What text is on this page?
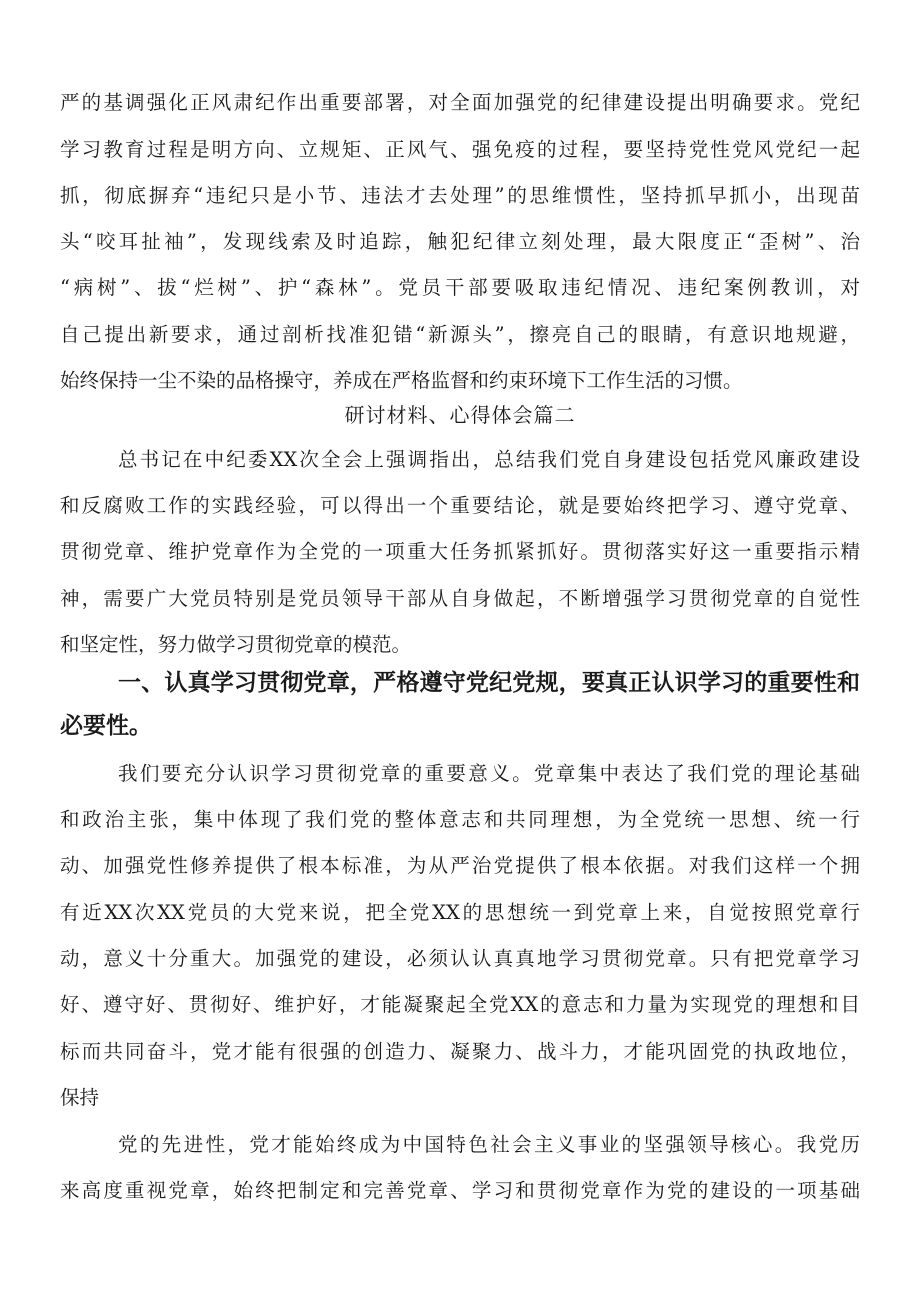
严的基调强化正风肃纪作出重要部署，对全面加强党的纪律建设提出明确要求。党纪
学习教育过程是明方向、立规矩、正风气、强免疫的过程，要坚持党性党风党纪一起
抓，彻底摒弃“违纪只是小节、违法才去处理”的思维惯性，坚持抓早抓小，出现苗
头“咬耳扯袖”，发现线索及时追踪，触犯纪律立刻处理，最大限度正“歪树”、治
“病树”、拔“烂树”、护“森林”。党员干部要吸取违纪情况、违纪案例教训，对
自己提出新要求，通过剖析找准犯错“新源头”，擦亮自己的眼睛，有意识地规避，
始终保持一尘不染的品格操守，养成在严格监督和约束环境下工作生活的习惯。
研讨材料、心得体会篇二
总书记在中纪委XX次全会上强调指出，总结我们党自身建设包括党风廉政建设
和反腐败工作的实践经验，可以得出一个重要结论，就是要始终把学习、遵守党章、
贯彻党章、维护党章作为全党的一项重大任务抓紧抓好。贯彻落实好这一重要指示精
神，需要广大党员特别是党员领导干部从自身做起，不断增强学习贯彻党章的自觉性
和坚定性，努力做学习贯彻党章的模范。
一、认真学习贯彻党章，严格遵守党纪党规，要真正认识学习的重要性和
必要性。
我们要充分认识学习贯彻党章的重要意义。党章集中表达了我们党的理论基础
和政治主张，集中体现了我们党的整体意志和共同理想，为全党统一思想、统一行
动、加强党性修养提供了根本标准，为从严治党提供了根本依据。对我们这样一个拥
有近XX次XX党员的大党来说，把全党XX的思想统一到党章上来，自觉按照党章行
动，意义十分重大。加强党的建设，必须认认真真地学习贯彻党章。只有把党章学习
好、遵守好、贯彻好、维护好，才能凝聚起全党XX的意志和力量为实现党的理想和目
标而共同奋斗，党才能有很强的创造力、凝聚力、战斗力，才能巩固党的执政地位，
保持
党的先进性，党才能始终成为中国特色社会主义事业的坚强领导核心。我党历
来高度重视党章，始终把制定和完善党章、学习和贯彻党章作为党的建设的一项基础
